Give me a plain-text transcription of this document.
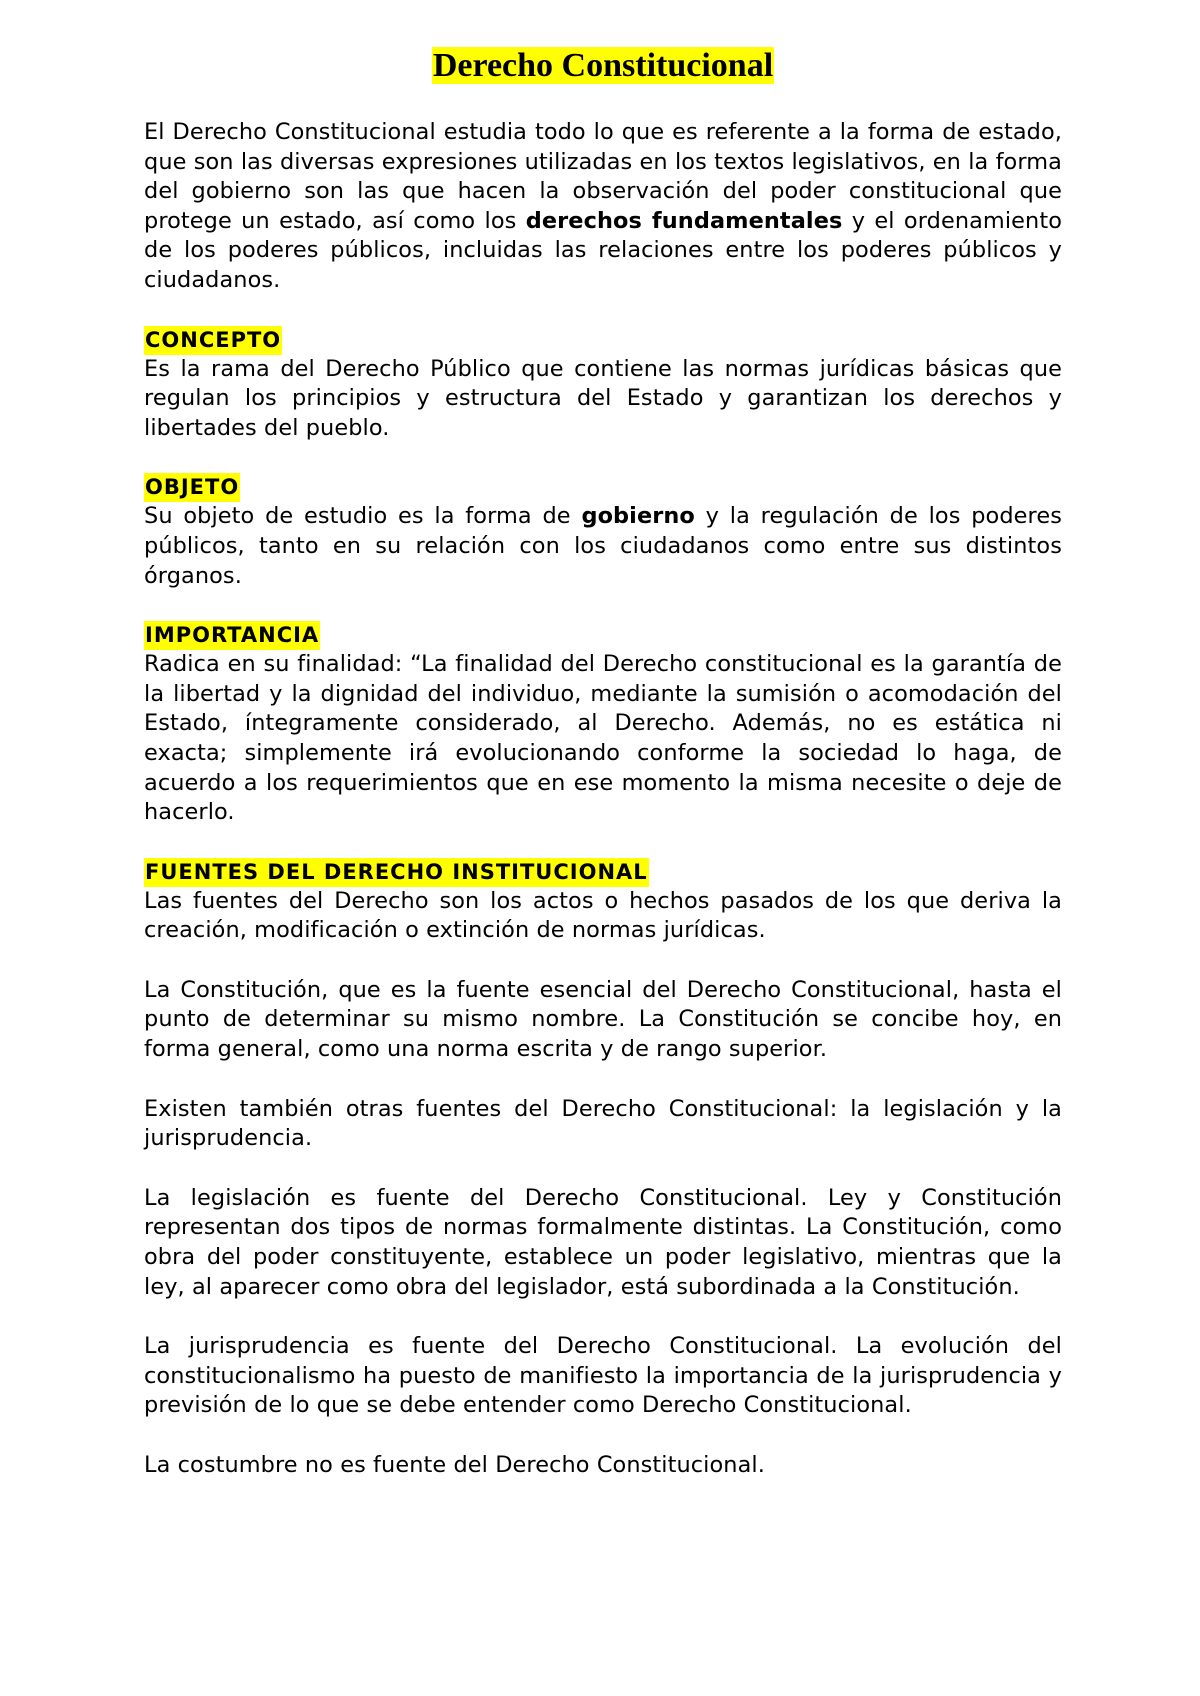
Derecho Constitucional

El Derecho Constitucional estudia todo lo que es referente a la forma de estado, que son las diversas expresiones utilizadas en los textos legislativos, en la forma del gobierno son las que hacen la observación del poder constitucional que protege un estado, así como los derechos fundamentales y el ordenamiento de los poderes públicos, incluidas las relaciones entre los poderes públicos y ciudadanos.

CONCEPTO

Es la rama del Derecho Público que contiene las normas jurídicas básicas que regulan los principios y estructura del Estado y garantizan los derechos y libertades del pueblo.

OBJETO

Su objeto de estudio es la forma de gobierno y la regulación de los poderes públicos, tanto en su relación con los ciudadanos como entre sus distintos órganos.

IMPORTANCIA

Radica en su finalidad: “La finalidad del Derecho constitucional es la garantía de la libertad y la dignidad del individuo, mediante la sumisión o acomodación del Estado, íntegramente considerado, al Derecho. Además, no es estática ni exacta; simplemente irá evolucionando conforme la sociedad lo haga, de acuerdo a los requerimientos que en ese momento la misma necesite o deje de hacerlo.

FUENTES DEL DERECHO INSTITUCIONAL

Las fuentes del Derecho son los actos o hechos pasados de los que deriva la creación, modificación o extinción de normas jurídicas.

La Constitución, que es la fuente esencial del Derecho Constitucional, hasta el punto de determinar su mismo nombre. La Constitución se concibe hoy, en forma general, como una norma escrita y de rango superior.

Existen también otras fuentes del Derecho Constitucional: la legislación y la jurisprudencia.

La legislación es fuente del Derecho Constitucional. Ley y Constitución representan dos tipos de normas formalmente distintas. La Constitución, como obra del poder constituyente, establece un poder legislativo, mientras que la ley, al aparecer como obra del legislador, está subordinada a la Constitución.

La jurisprudencia es fuente del Derecho Constitucional. La evolución del constitucionalismo ha puesto de manifiesto la importancia de la jurisprudencia y previsión de lo que se debe entender como Derecho Constitucional.

La costumbre no es fuente del Derecho Constitucional.
